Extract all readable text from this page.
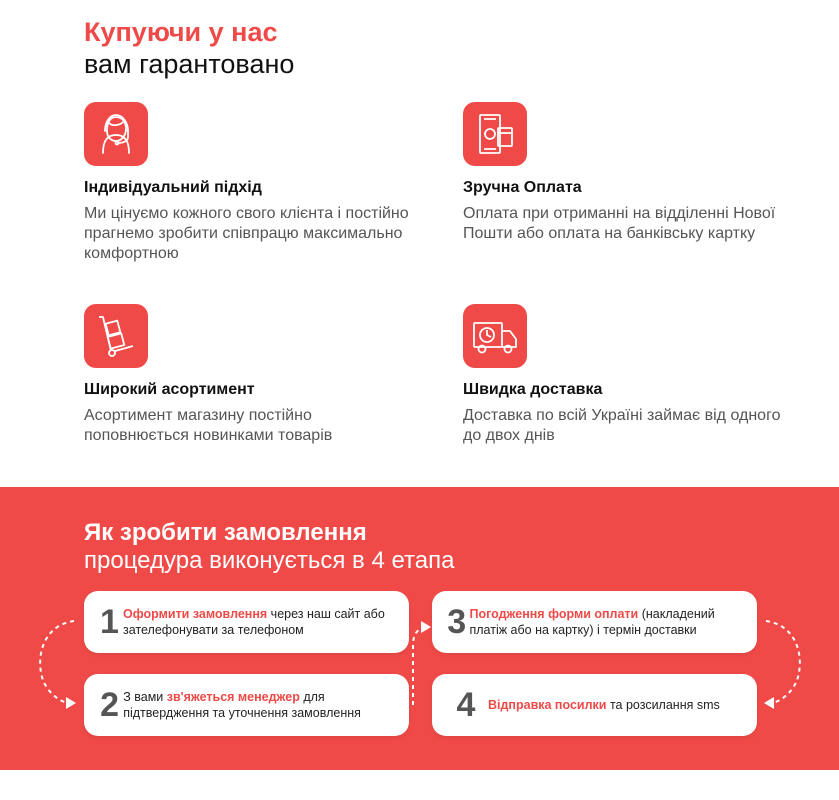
Купуючи у нас
вам гарантовано
Індивідуальний підхід
Ми цінуємо кожного свого клієнта і постійно прагнемо зробити співпрацю максимально комфортною
Зручна Оплата
Оплата при отриманні на відділенні Нової Пошти або оплата на банківську картку
Широкий асортимент
Асортимент магазину постійно поповнюється новинками товарів
Швидка доставка
Доставка по всій Україні займає від одного до двох днів
Як зробити замовлення
процедура виконується в 4 етапа
1 Оформити замовлення через наш сайт або зателефонувати за телефоном	3 Погодження форми оплати (накладений платіж або на картку) і термін доставки
2 З вами зв'яжеться менеджер для підтвердження та уточнення замовлення	4	Відправка посилки та розсилання sms
